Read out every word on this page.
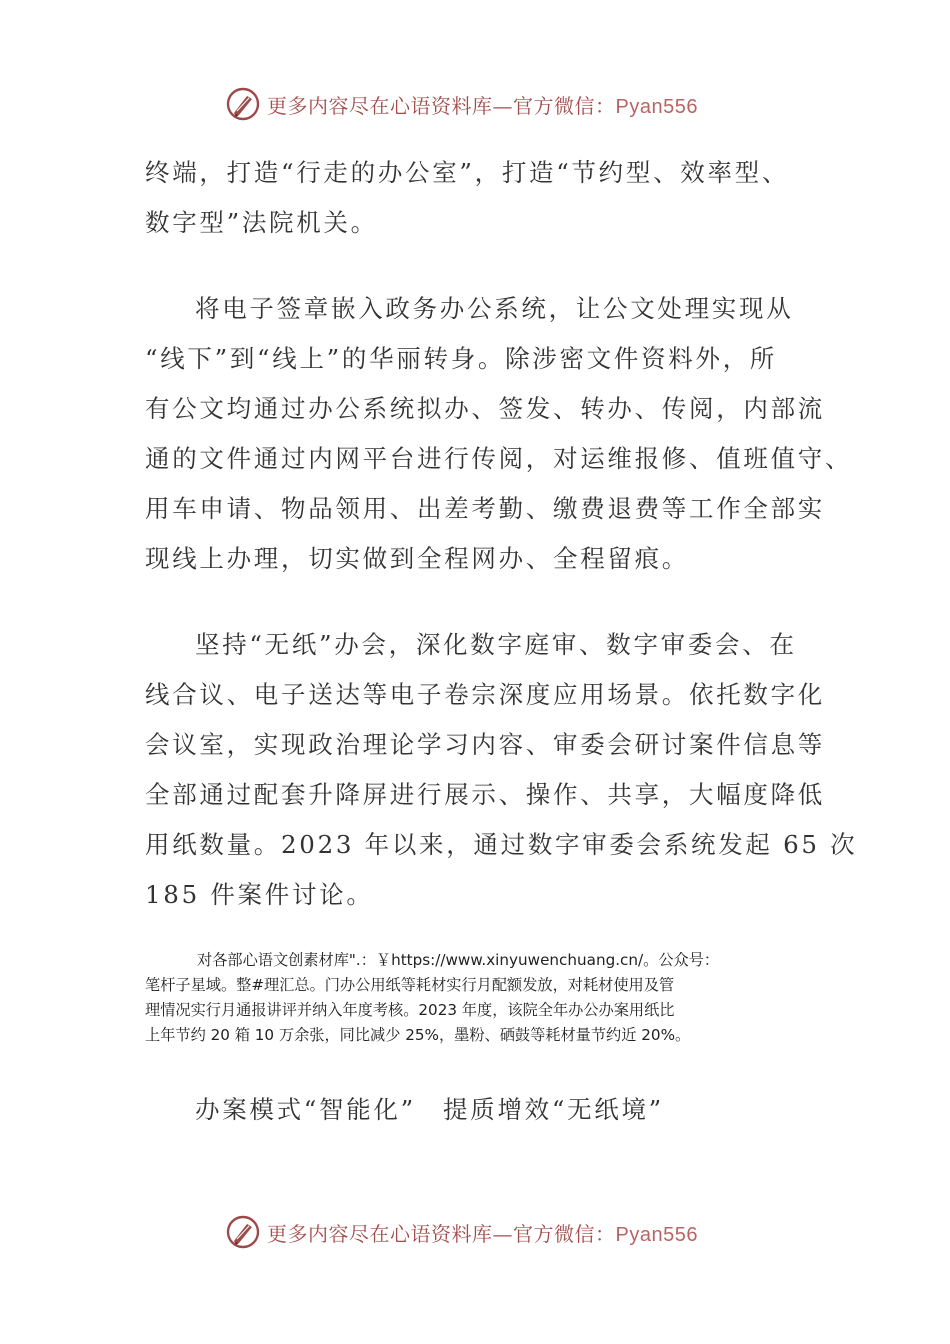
更多内容尽在心语资料库—官方微信：Pyan556

终端，打造“行走的办公室”，打造“节约型、效率型、

数字型”法院机关。

将电子签章嵌入政务办公系统，让公文处理实现从

“线下”到“线上”的华丽转身。除涉密文件资料外，所

有公文均通过办公系统拟办、签发、转办、传阅，内部流

通的文件通过内网平台进行传阅，对运维报修、值班值守、

用车申请、物品领用、出差考勤、缴费退费等工作全部实

现线上办理，切实做到全程网办、全程留痕。

坚持“无纸”办会，深化数字庭审、数字审委会、在

线合议、电子送达等电子卷宗深度应用场景。依托数字化

会议室，实现政治理论学习内容、审委会研讨案件信息等

全部通过配套升降屏进行展示、操作、共享，大幅度降低

用纸数量。2023 年以来，通过数字审委会系统发起 65 次

185 件案件讨论。

对各部心语文创素材库".：￥https://www.xinyuwenchuang.cn/。公众号：

笔杆子星域。整#理汇总。门办公用纸等耗材实行月配额发放，对耗材使用及管

理情况实行月通报讲评并纳入年度考核。2023 年度，该院全年办公办案用纸比

上年节约 20 箱 10 万余张，同比减少 25%，墨粉、硒鼓等耗材量节约近 20%。

办案模式“智能化”　提质增效“无纸境”
更多内容尽在心语资料库—官方微信：Pyan556
